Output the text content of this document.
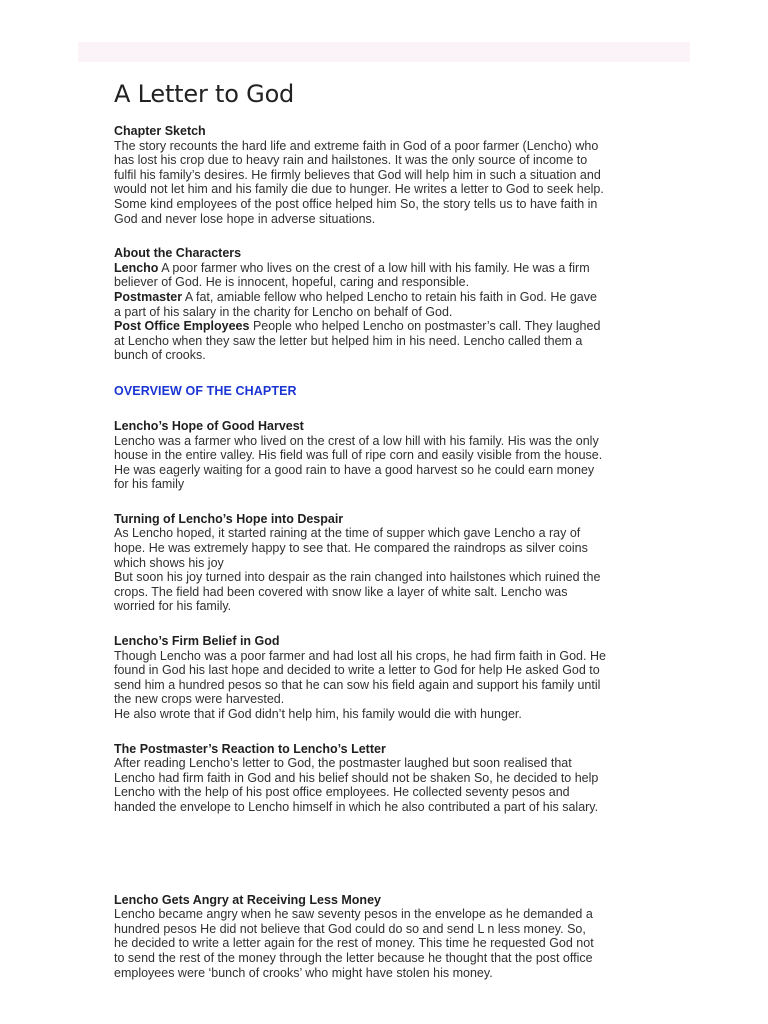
A Letter to God
Chapter Sketch
The story recounts the hard life and extreme faith in God of a poor farmer (Lencho) who
has lost his crop due to heavy rain and hailstones. It was the only source of income to
fulfil his family’s desires. He firmly believes that God will help him in such a situation and
would not let him and his family die due to hunger. He writes a letter to God to seek help.
Some kind employees of the post office helped him So, the story tells us to have faith in
God and never lose hope in adverse situations.
About the Characters
Lencho A poor farmer who lives on the crest of a low hill with his family. He was a firm
believer of God. He is innocent, hopeful, caring and responsible.
Postmaster A fat, amiable fellow who helped Lencho to retain his faith in God. He gave
a part of his salary in the charity for Lencho on behalf of God.
Post Office Employees People who helped Lencho on postmaster’s call. They laughed
at Lencho when they saw the letter but helped him in his need. Lencho called them a
bunch of crooks.
OVERVIEW OF THE CHAPTER
Lencho’s Hope of Good Harvest
Lencho was a farmer who lived on the crest of a low hill with his family. His was the only
house in the entire valley. His field was full of ripe corn and easily visible from the house.
He was eagerly waiting for a good rain to have a good harvest so he could earn money
for his family
Turning of Lencho’s Hope into Despair
As Lencho hoped, it started raining at the time of supper which gave Lencho a ray of
hope. He was extremely happy to see that. He compared the raindrops as silver coins
which shows his joy
But soon his joy turned into despair as the rain changed into hailstones which ruined the
crops. The field had been covered with snow like a layer of white salt. Lencho was
worried for his family.
Lencho’s Firm Belief in God
Though Lencho was a poor farmer and had lost all his crops, he had firm faith in God. He
found in God his last hope and decided to write a letter to God for help He asked God to
send him a hundred pesos so that he can sow his field again and support his family until
the new crops were harvested.
He also wrote that if God didn’t help him, his family would die with hunger.
The Postmaster’s Reaction to Lencho’s Letter
After reading Lencho’s letter to God, the postmaster laughed but soon realised that
Lencho had firm faith in God and his belief should not be shaken So, he decided to help
Lencho with the help of his post office employees. He collected seventy pesos and
handed the envelope to Lencho himself in which he also contributed a part of his salary.
Lencho Gets Angry at Receiving Less Money
Lencho became angry when he saw seventy pesos in the envelope as he demanded a
hundred pesos He did not believe that God could do so and send L n less money. So,
he decided to write a letter again for the rest of money. This time he requested God not
to send the rest of the money through the letter because he thought that the post office
employees were ‘bunch of crooks’ who might have stolen his money.
